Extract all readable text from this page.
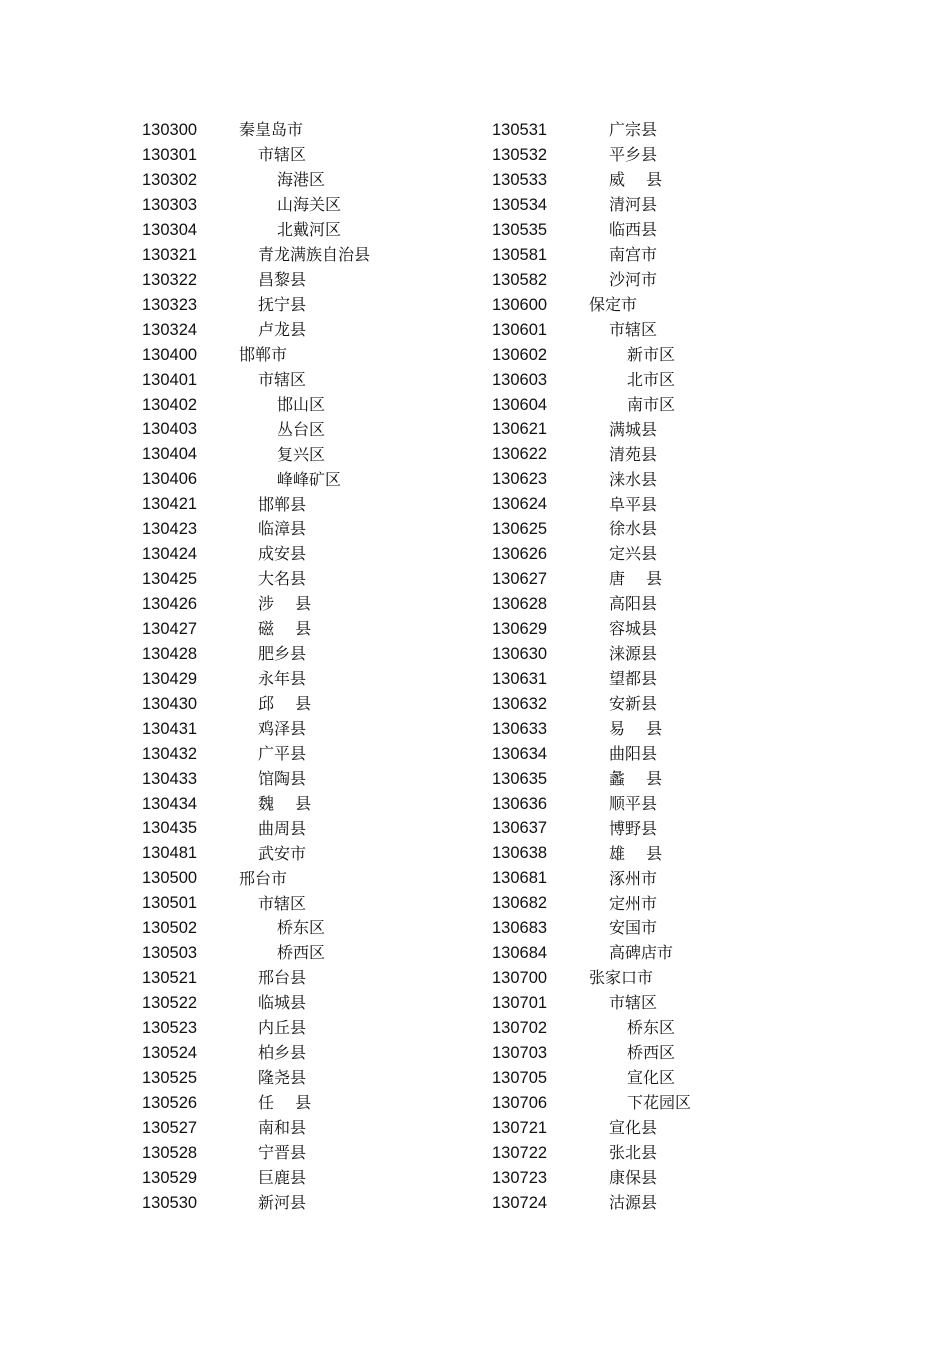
130300	秦皇岛市
130301	市辖区
130302	海港区
130303	山海关区
130304	北戴河区
130321	青龙满族自治县
130322	昌黎县
130323	抚宁县
130324	卢龙县
130400	邯郸市
130401	市辖区
130402	邯山区
130403	丛台区
130404	复兴区
130406	峰峰矿区
130421	邯郸县
130423	临漳县
130424	成安县
130425	大名县
130426	涉　 县
130427	磁　 县
130428	肥乡县
130429	永年县
130430	邱　 县
130431	鸡泽县
130432	广平县
130433	馆陶县
130434	魏　 县
130435	曲周县
130481	武安市
130500	邢台市
130501	市辖区
130502	桥东区
130503	桥西区
130521	邢台县
130522	临城县
130523	内丘县
130524	柏乡县
130525	隆尧县
130526	任　 县
130527	南和县
130528	宁晋县
130529	巨鹿县
130530	新河县
130531	广宗县
130532	平乡县
130533	威　 县
130534	清河县
130535	临西县
130581	南宫市
130582	沙河市
130600	保定市
130601	市辖区
130602	新市区
130603	北市区
130604	南市区
130621	满城县
130622	清苑县
130623	涞水县
130624	阜平县
130625	徐水县
130626	定兴县
130627	唐　 县
130628	高阳县
130629	容城县
130630	涞源县
130631	望都县
130632	安新县
130633	易　 县
130634	曲阳县
130635	蠡　 县
130636	顺平县
130637	博野县
130638	雄　 县
130681	涿州市
130682	定州市
130683	安国市
130684	高碑店市
130700	张家口市
130701	市辖区
130702	桥东区
130703	桥西区
130705	宣化区
130706	下花园区
130721	宣化县
130722	张北县
130723	康保县
130724	沽源县
